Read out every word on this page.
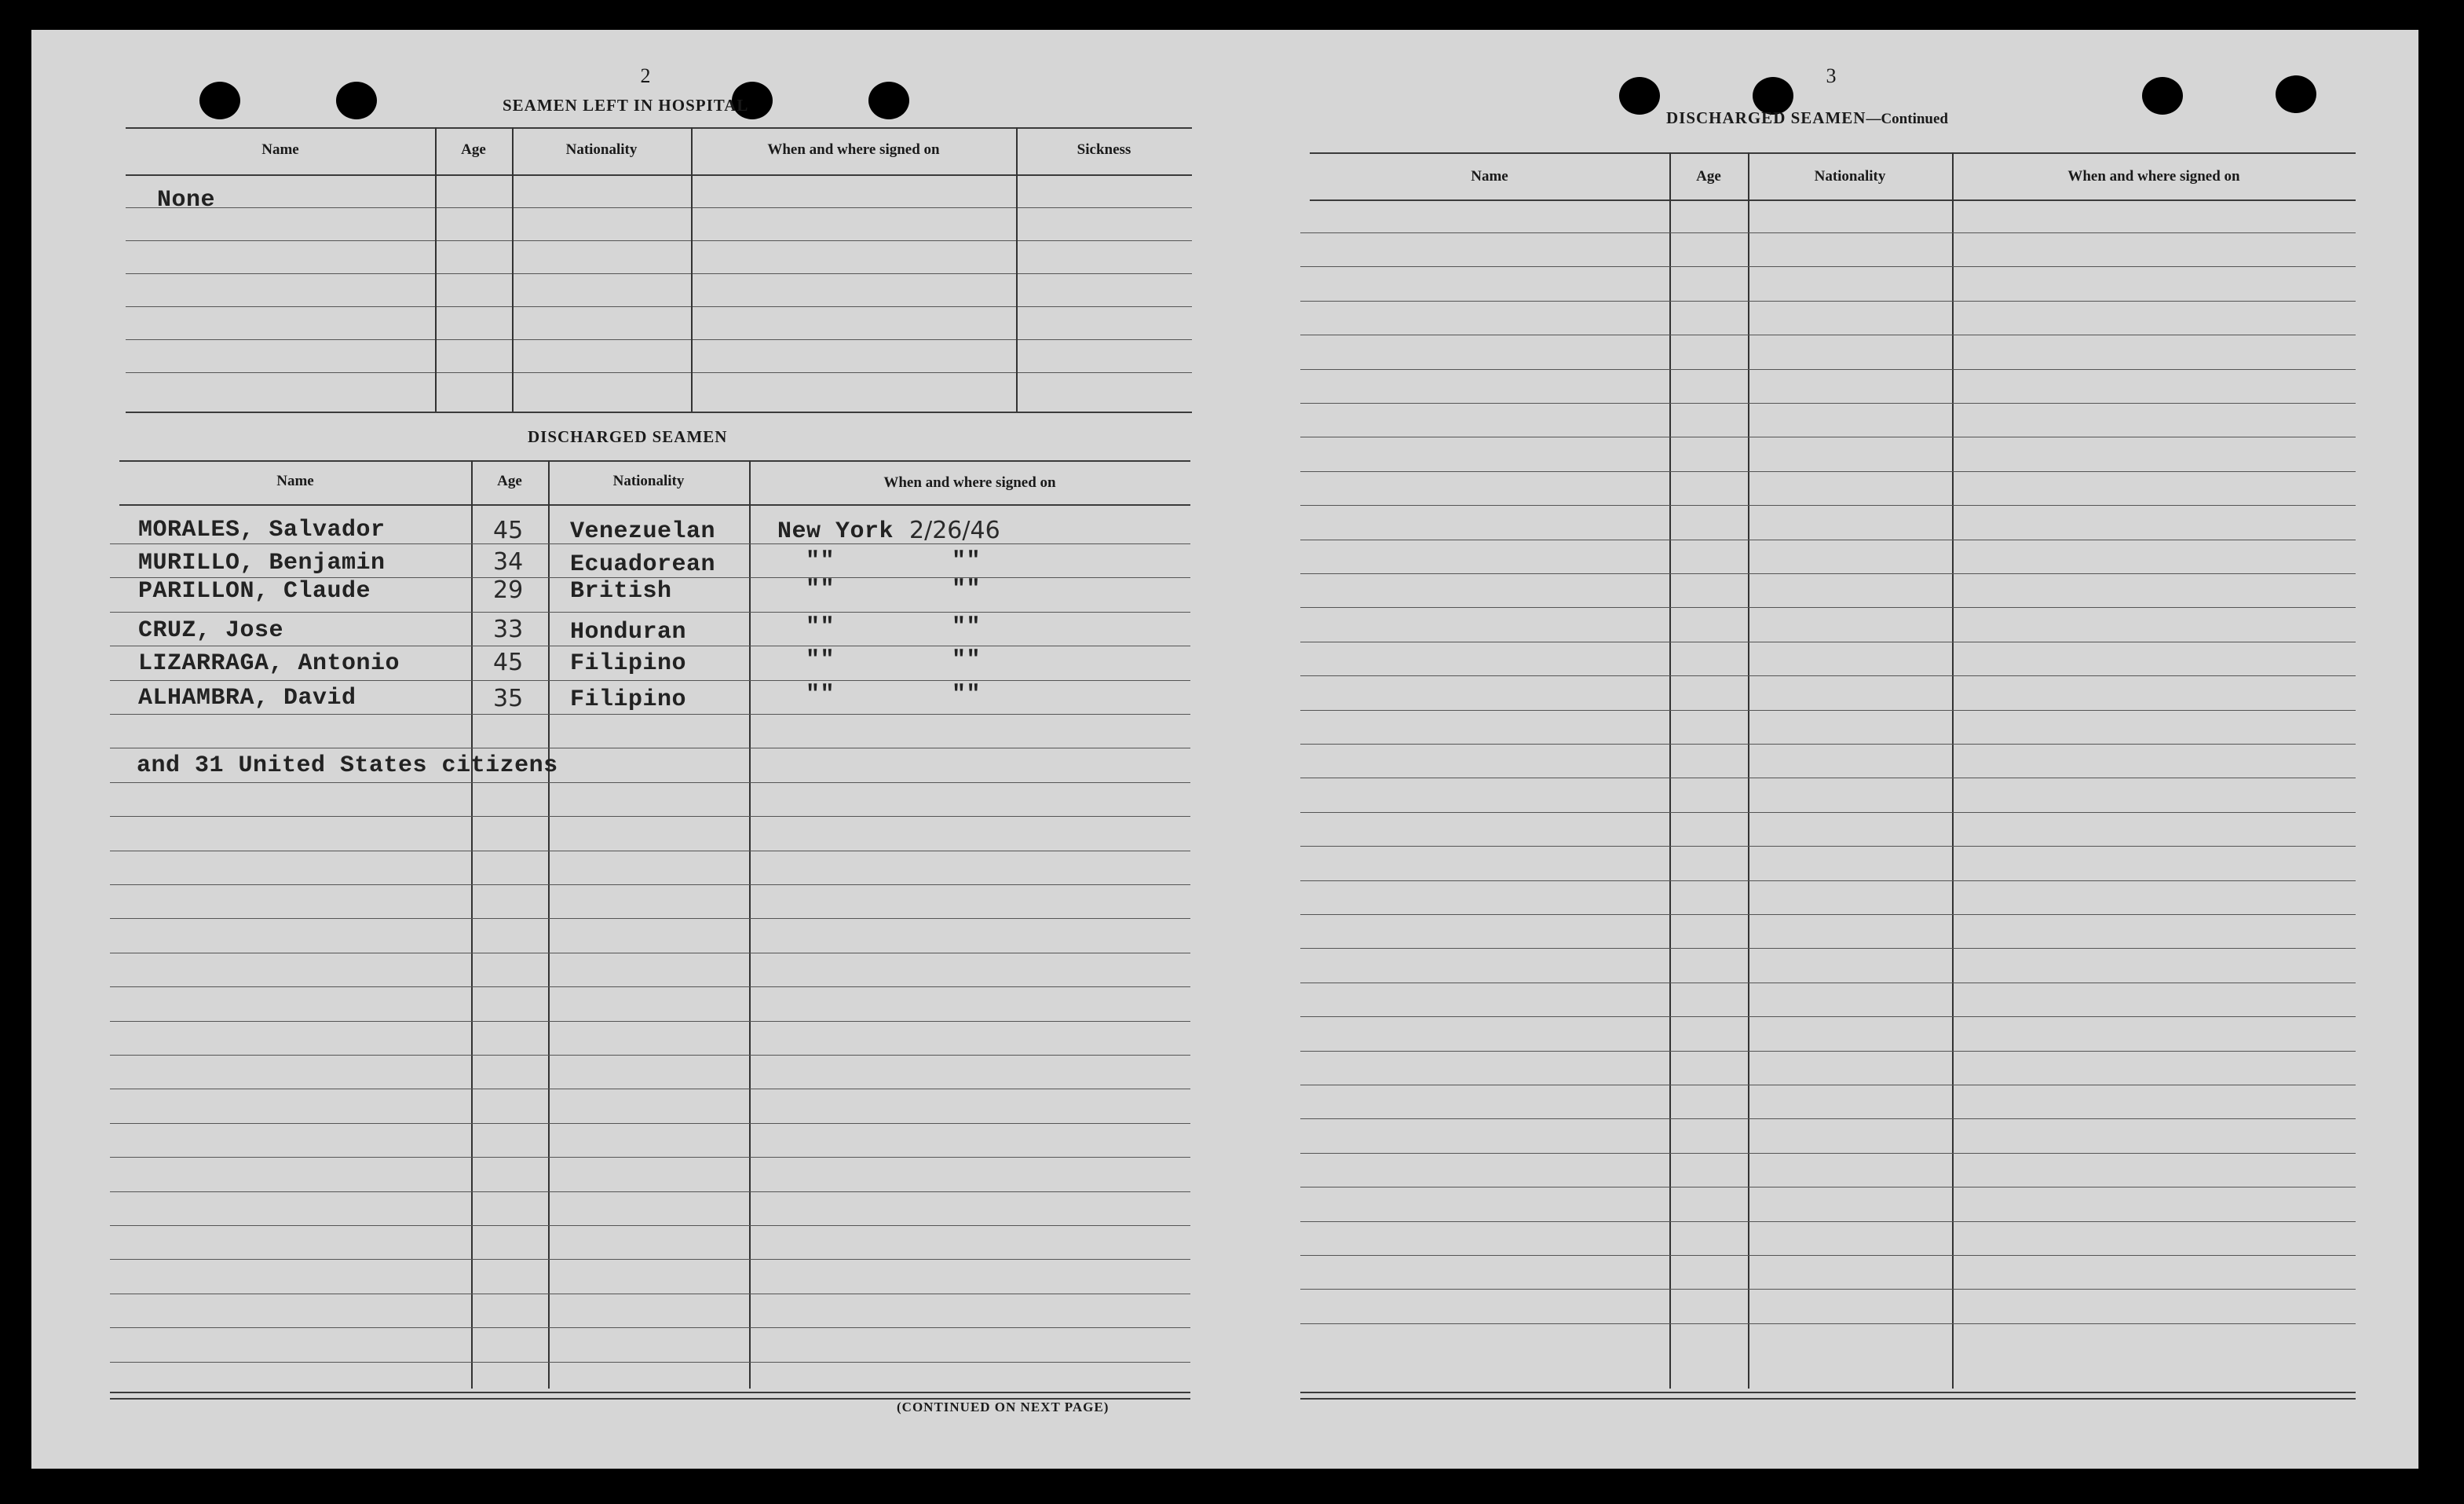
2
SEAMEN LEFT IN HOSPITAL
Name	Age	Nationality	When and where signed on	Sickness
None
DISCHARGED SEAMEN
Name	Age	Nationality	When and where signed on
MORALES, Salvador	45 Venezuelan	New York 2/26/46
MURILLO, Benjamin	34 Ecuadorean	""	""
PARILLON, Claude	29 British	""	""
CRUZ, Jose	33 Honduran	""	""
LIZARRAGA, Antonio	45 Filipino	""	""
ALHAMBRA, David	35 Filipino	""	""
and 31 United States citizens
(CONTINUED ON NEXT PAGE)
3
DISCHARGED SEAMEN—Continued
Name	Age	Nationality	When and where signed on
